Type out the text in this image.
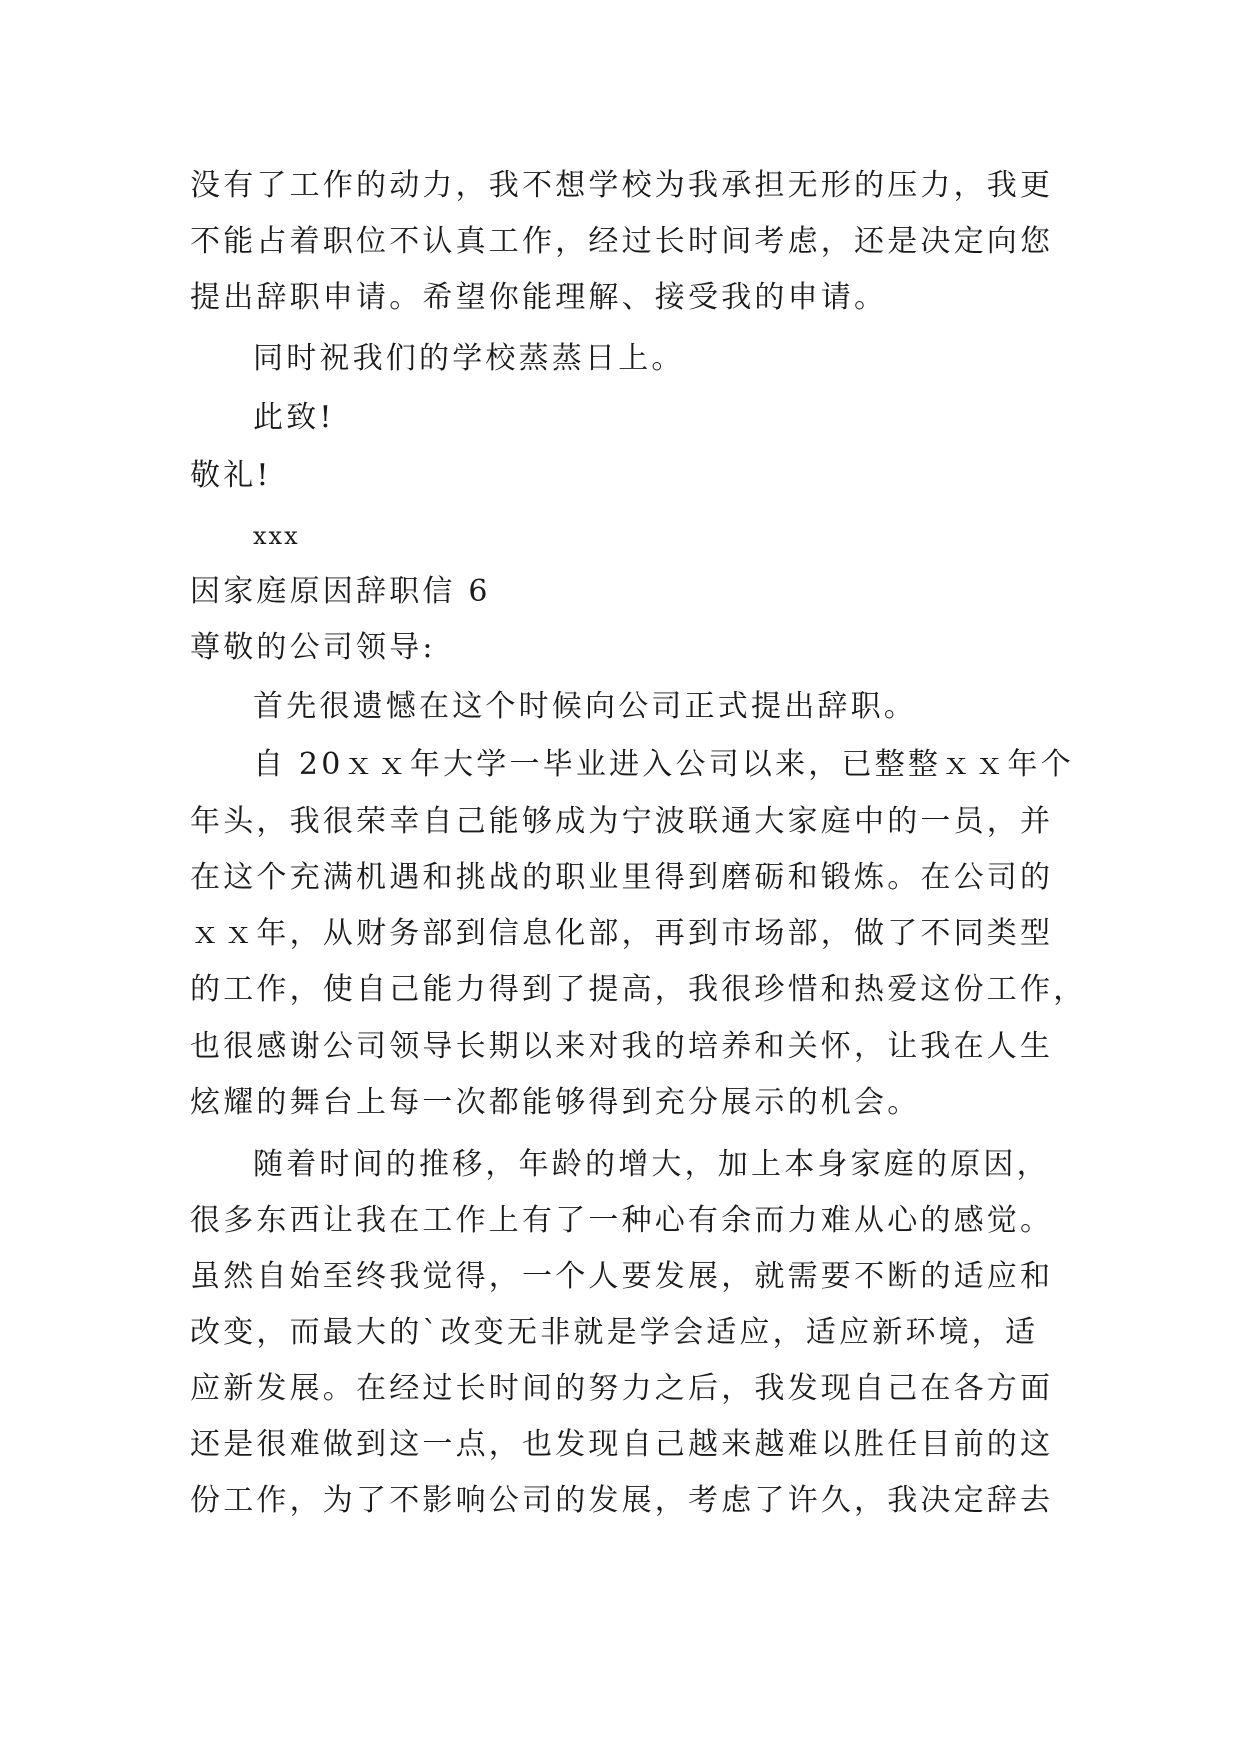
没有了工作的动力，我不想学校为我承担无形的压力，我更
不能占着职位不认真工作，经过长时间考虑，还是决定向您
提出辞职申请。希望你能理解、接受我的申请。
同时祝我们的学校蒸蒸日上。
此致!
敬礼!
xxx
因家庭原因辞职信 6
尊敬的公司领导:
首先很遗憾在这个时候向公司正式提出辞职。
自 20ｘｘ年大学一毕业进入公司以来，已整整ｘｘ年个
年头，我很荣幸自己能够成为宁波联通大家庭中的一员，并
在这个充满机遇和挑战的职业里得到磨砺和锻炼。在公司的
ｘｘ年，从财务部到信息化部，再到市场部，做了不同类型
的工作，使自己能力得到了提高，我很珍惜和热爱这份工作，
也很感谢公司领导长期以来对我的培养和关怀，让我在人生
炫耀的舞台上每一次都能够得到充分展示的机会。
随着时间的推移，年龄的增大，加上本身家庭的原因，
很多东西让我在工作上有了一种心有余而力难从心的感觉。
虽然自始至终我觉得，一个人要发展，就需要不断的适应和
改变，而最大的`改变无非就是学会适应，适应新环境，适
应新发展。在经过长时间的努力之后，我发现自己在各方面
还是很难做到这一点，也发现自己越来越难以胜任目前的这
份工作，为了不影响公司的发展，考虑了许久，我决定辞去
